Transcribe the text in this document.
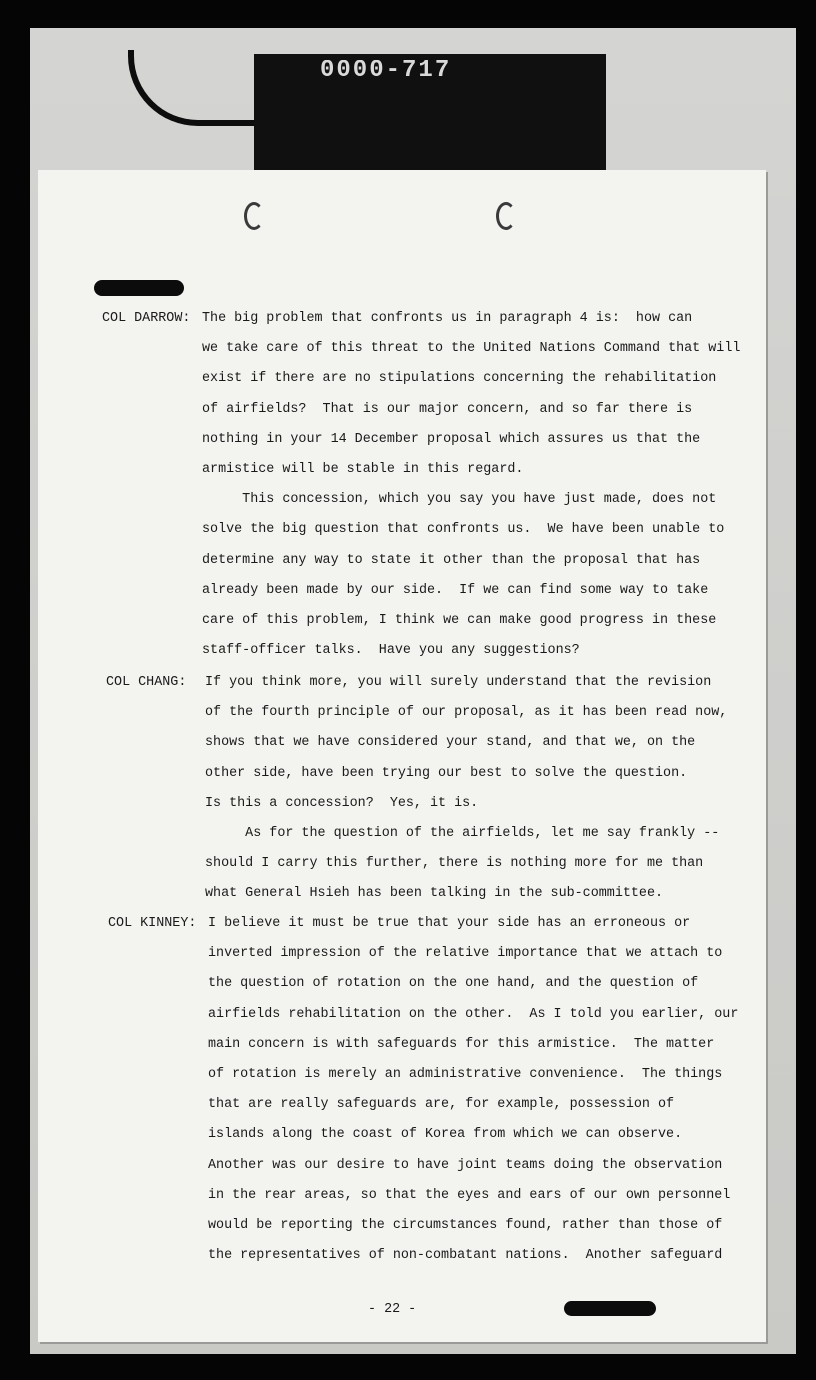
0000-717
COL DARROW: The big problem that confronts us in paragraph 4 is:  how can
we take care of this threat to the United Nations Command that will
exist if there are no stipulations concerning the rehabilitation
of airfields?  That is our major concern, and so far there is
nothing in your 14 December proposal which assures us that the
armistice will be stable in this regard.
This concession, which you say you have just made, does not
solve the big question that confronts us.  We have been unable to
determine any way to state it other than the proposal that has
already been made by our side.  If we can find some way to take
care of this problem, I think we can make good progress in these
staff-officer talks.  Have you any suggestions?
COL CHANG: If you think more, you will surely understand that the revision
of the fourth principle of our proposal, as it has been read now,
shows that we have considered your stand, and that we, on the
other side, have been trying our best to solve the question.
Is this a concession?  Yes, it is.
As for the question of the airfields, let me say frankly --
should I carry this further, there is nothing more for me than
what General Hsieh has been talking in the sub-committee.
COL KINNEY: I believe it must be true that your side has an erroneous or
inverted impression of the relative importance that we attach to
the question of rotation on the one hand, and the question of
airfields rehabilitation on the other.  As I told you earlier, our
main concern is with safeguards for this armistice.  The matter
of rotation is merely an administrative convenience.  The things
that are really safeguards are, for example, possession of
islands along the coast of Korea from which we can observe.
Another was our desire to have joint teams doing the observation
in the rear areas, so that the eyes and ears of our own personnel
would be reporting the circumstances found, rather than those of
the representatives of non-combatant nations.  Another safeguard
- 22 -
